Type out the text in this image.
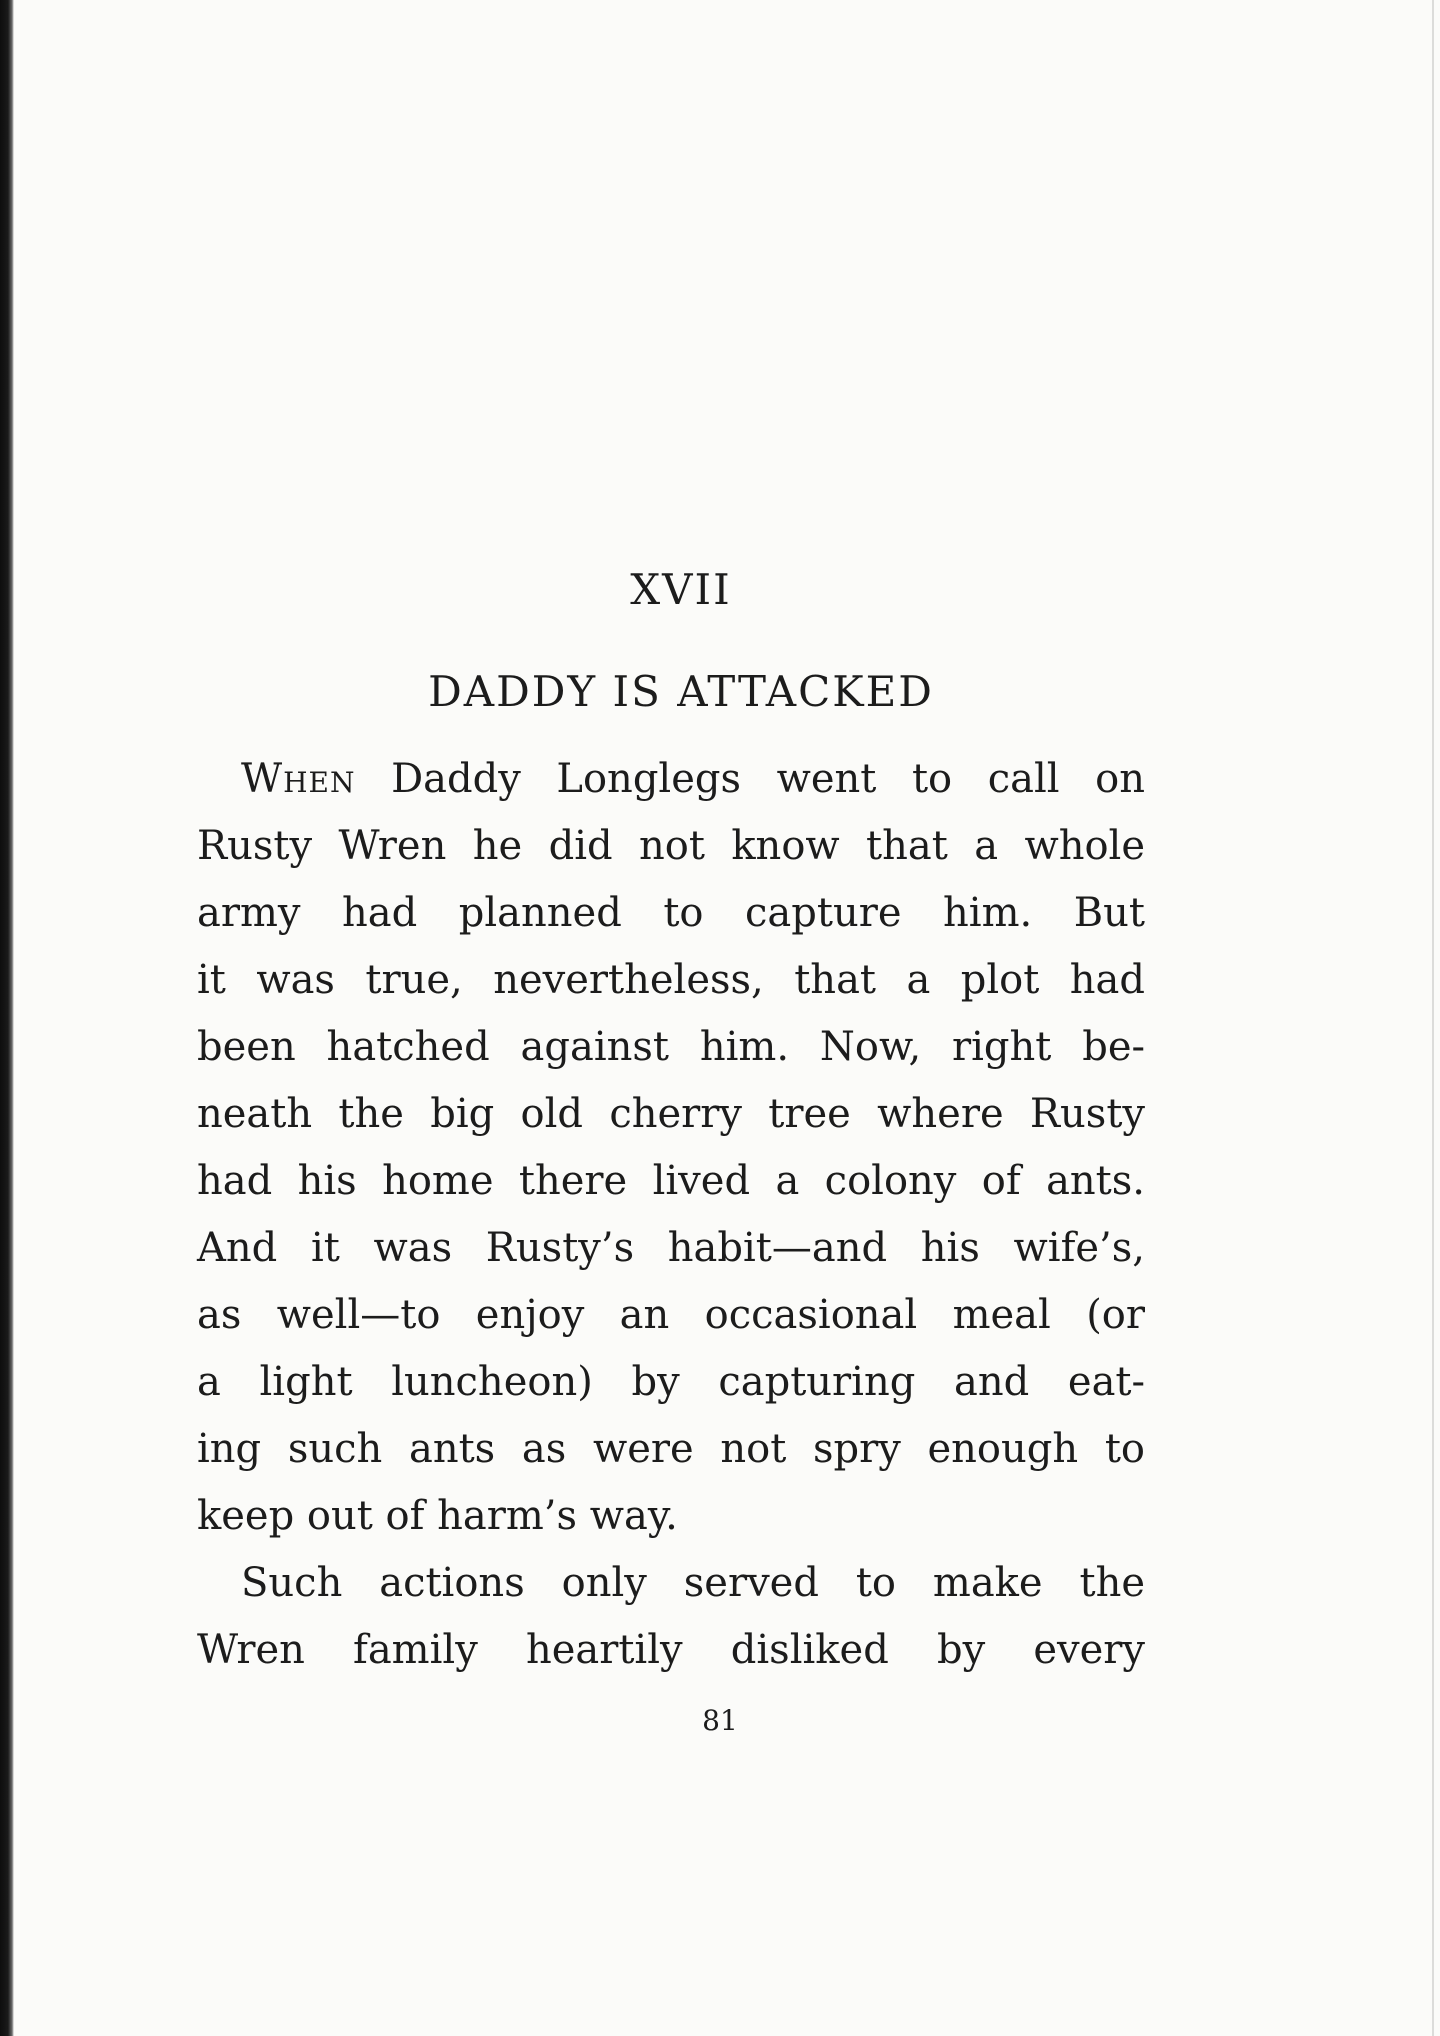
XVII
DADDY IS ATTACKED

When Daddy Longlegs went to call on
Rusty Wren he did not know that a whole
army had planned to capture him. But
it was true, nevertheless, that a plot had
been hatched against him. Now, right be-
neath the big old cherry tree where Rusty
had his home there lived a colony of ants.
And it was Rusty’s habit—and his wife’s,
as well—to enjoy an occasional meal (or
a light luncheon) by capturing and eat-
ing such ants as were not spry enough to
keep out of harm’s way.

Such actions only served to make the
Wren family heartily disliked by every

81
